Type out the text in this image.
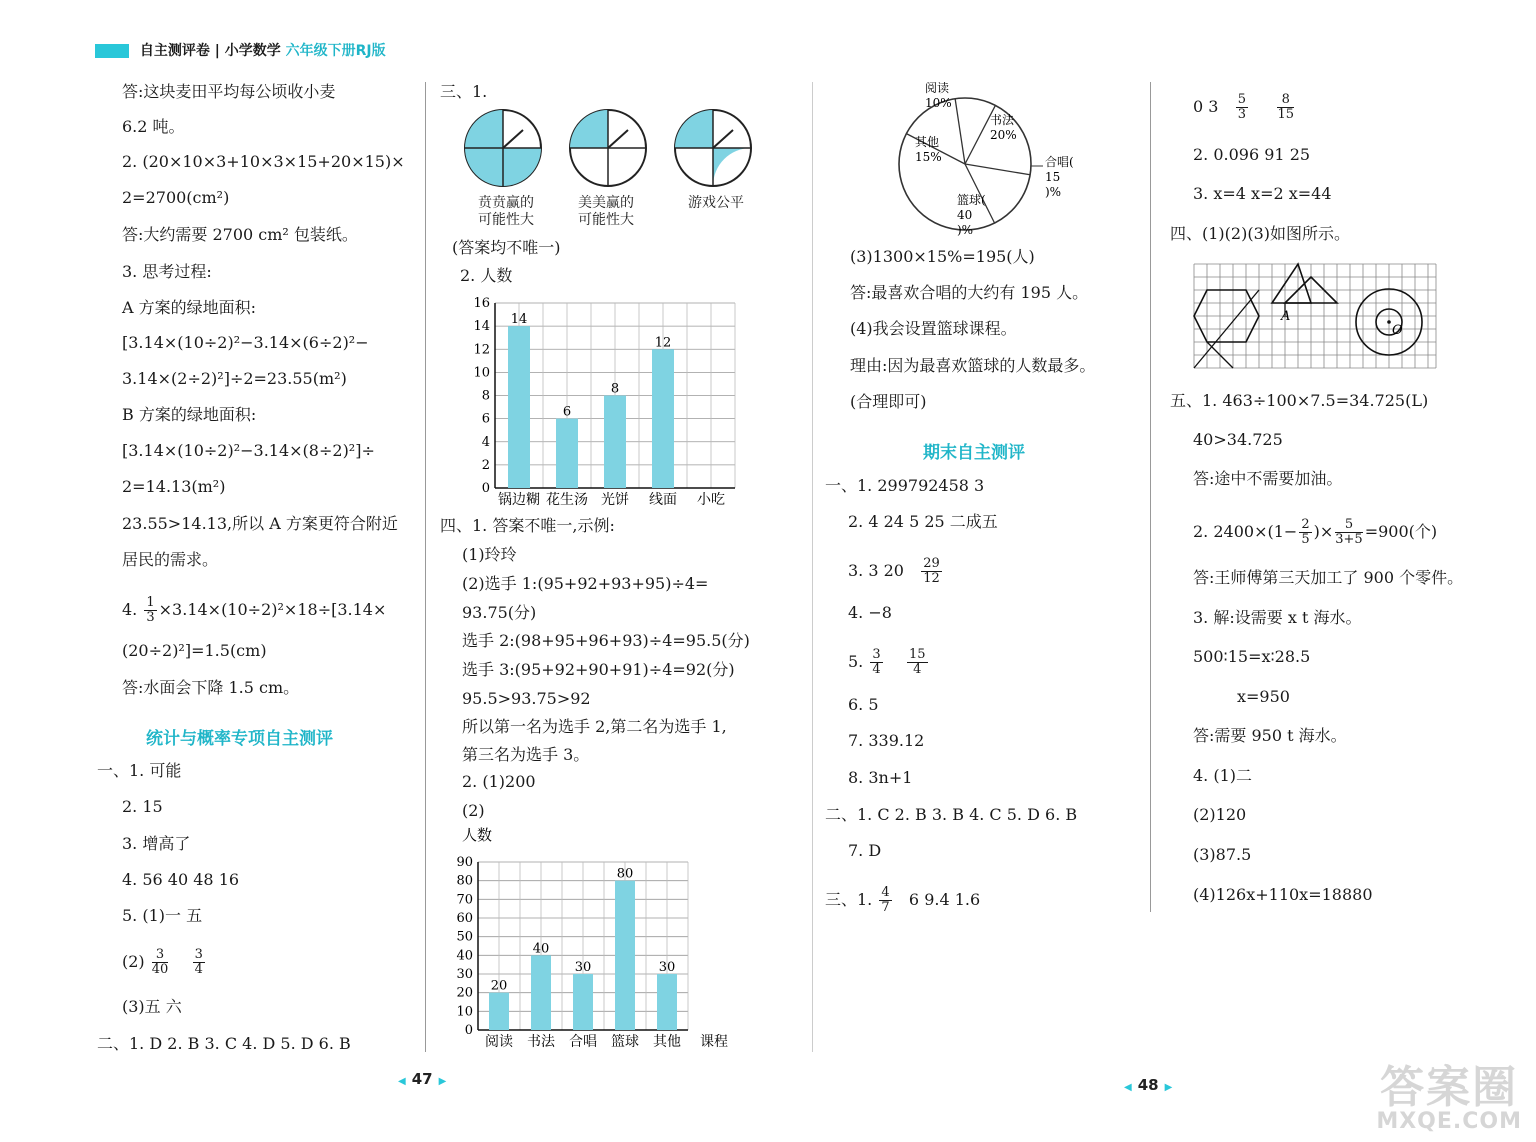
自主测评卷 | 小学数学 六年级下册RJ版
答:这块麦田平均每公顷收小麦
6.2 吨。
2. (20×10×3+10×3×15+20×15)×
2=2700(cm²)
答:大约需要 2700 cm² 包装纸。
3. 思考过程:
A 方案的绿地面积:
[3.14×(10÷2)²−3.14×(6÷2)²−
3.14×(2÷2)²]÷2=23.55(m²)
B 方案的绿地面积:
[3.14×(10÷2)²−3.14×(8÷2)²]÷
2=14.13(m²)
23.55>14.13,所以 A 方案更符合附近
居民的需求。
4. $\frac{1}{3} \times 3.14\times(10\div 2)^2\times 18\div[3.14\times$
(20÷2)²]=1.5(cm)
答:水面会下降 1.5 cm。
统计与概率专项自主测评
一、1. 可能
2. 15
3. 增高了
4. 56 40 48 16
5. (1)一 五
$(2) \frac{3}{40}$
$\frac{3}{4}$
(3)五 六
二、1. D 2. B 3. C 4. D 5. D 6. B
三、1.
贲贲赢的
可能性大
美美赢的
可能性大
游戏公平
(答案均不唯一)
2. 人数
0
2
4
6
8
10
12
14
16
14
锅边糊
6
花生汤
8
光饼
12
线面 小吃
四、1. 答案不唯一,示例:
(1)玲玲
(2)选手 1:(95+92+93+95)÷4=
93.75(分)
选手 2:(98+95+96+93)÷4=95.5(分)
选手 3:(95+92+90+91)÷4=92(分)
95.5>93.75>92
所以第一名为选手 2,第二名为选手 1,
第三名为选手 3。
2. (1)200
(2)
人数
0
10
20
30
40
50
60
70
80
90
20
阅读
40
书法
30
合唱
80
篮球
30
其他 课程
阅读 10%
书法 20%
合唱( 15 )%
篮球( 40 )%
其他 15%
(3)1300×15%=195(人)
答:最喜欢合唱的大约有 195 人。
(4)我会设置篮球课程。
理由:因为最喜欢篮球的人数最多。
(合理即可)
期末自主测评
一、1. 299792458 3
2. 4 24 5 25 二成五
3. 3 $20 \frac{29}{12}$
4. −8
5. $\frac{3}{4}$
$\frac{15}{4}$
6. 5
7. 339.12
8. 3n+1
二、1. C 2. B 3. B 4. C 5. D 6. B
7. D
三、1. $\frac{4}{7} 6$ 9.4 1.6
0 $3 \frac{5}{3}$
$\frac{8}{15}$
2. 0.096 91 25
3. x=4 x=2 x=44
四、(1)(2)(3)如图所示。
A
O
五、1. 463÷100×7.5=34.725(L)
40>34.725
答:途中不需要加油。
2. $2400\times(1- \frac{2}{5}$ )× $\frac{5}{3+5} =900$(个)
答:王师傅第三天加工了 900 个零件。
3. 解:设需要 x t 海水。
500∶15=x∶28.5
x=950
答:需要 950 t 海水。
4. (1)二
(2)120
(3)87.5
(4)126x+110x=18880
◀ 47 ▶
◀ 48 ▶	答案圈
MXQE.COM
